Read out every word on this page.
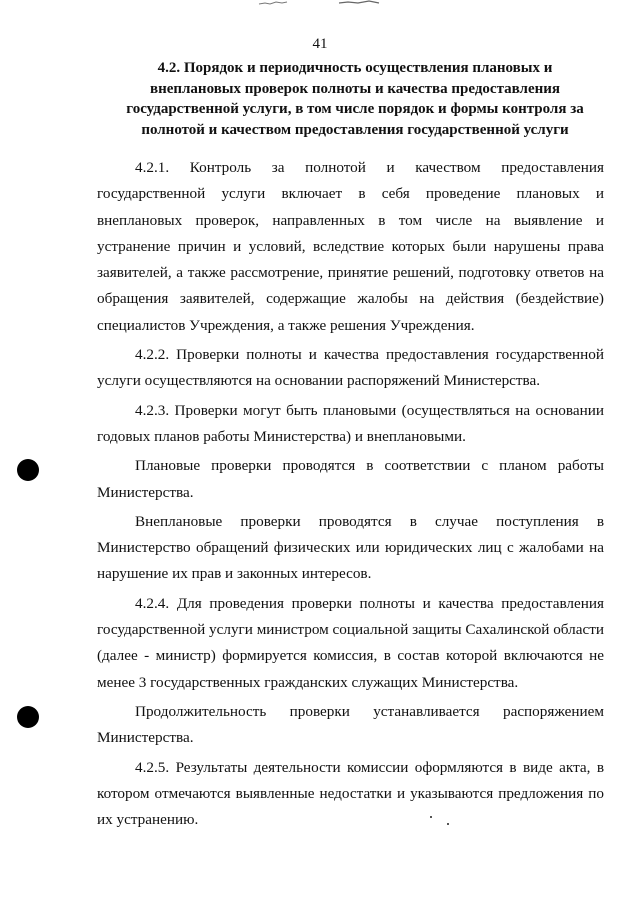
41
4.2. Порядок и периодичность осуществления плановых и
внеплановых проверок полноты и качества предоставления
государственной услуги, в том числе порядок и формы контроля за
полнотой и качеством предоставления государственной услуги

4.2.1. Контроль за полнотой и качеством предоставления государственной услуги включает в себя проведение плановых и внеплановых проверок, направленных в том числе на выявление и устранение причин и условий, вследствие которых были нарушены права заявителей, а также рассмотрение, принятие решений, подготовку ответов на обращения заявителей, содержащие жалобы на действия (бездействие) специалистов Учреждения, а также решения Учреждения.

4.2.2. Проверки полноты и качества предоставления государственной услуги осуществляются на основании распоряжений Министерства.

4.2.3. Проверки могут быть плановыми (осуществляться на основании годовых планов работы Министерства) и внеплановыми.

Плановые проверки проводятся в соответствии с планом работы Министерства.

Внеплановые проверки проводятся в случае поступления в Министерство обращений физических или юридических лиц с жалобами на нарушение их прав и законных интересов.

4.2.4. Для проведения проверки полноты и качества предоставления государственной услуги министром социальной защиты Сахалинской области (далее - министр) формируется комиссия, в состав которой включаются не менее 3 государственных гражданских служащих Министерства.

Продолжительность проверки устанавливается распоряжением Министерства.

4.2.5. Результаты деятельности комиссии оформляются в виде акта, в котором отмечаются выявленные недостатки и указываются предложения по их устранению.
